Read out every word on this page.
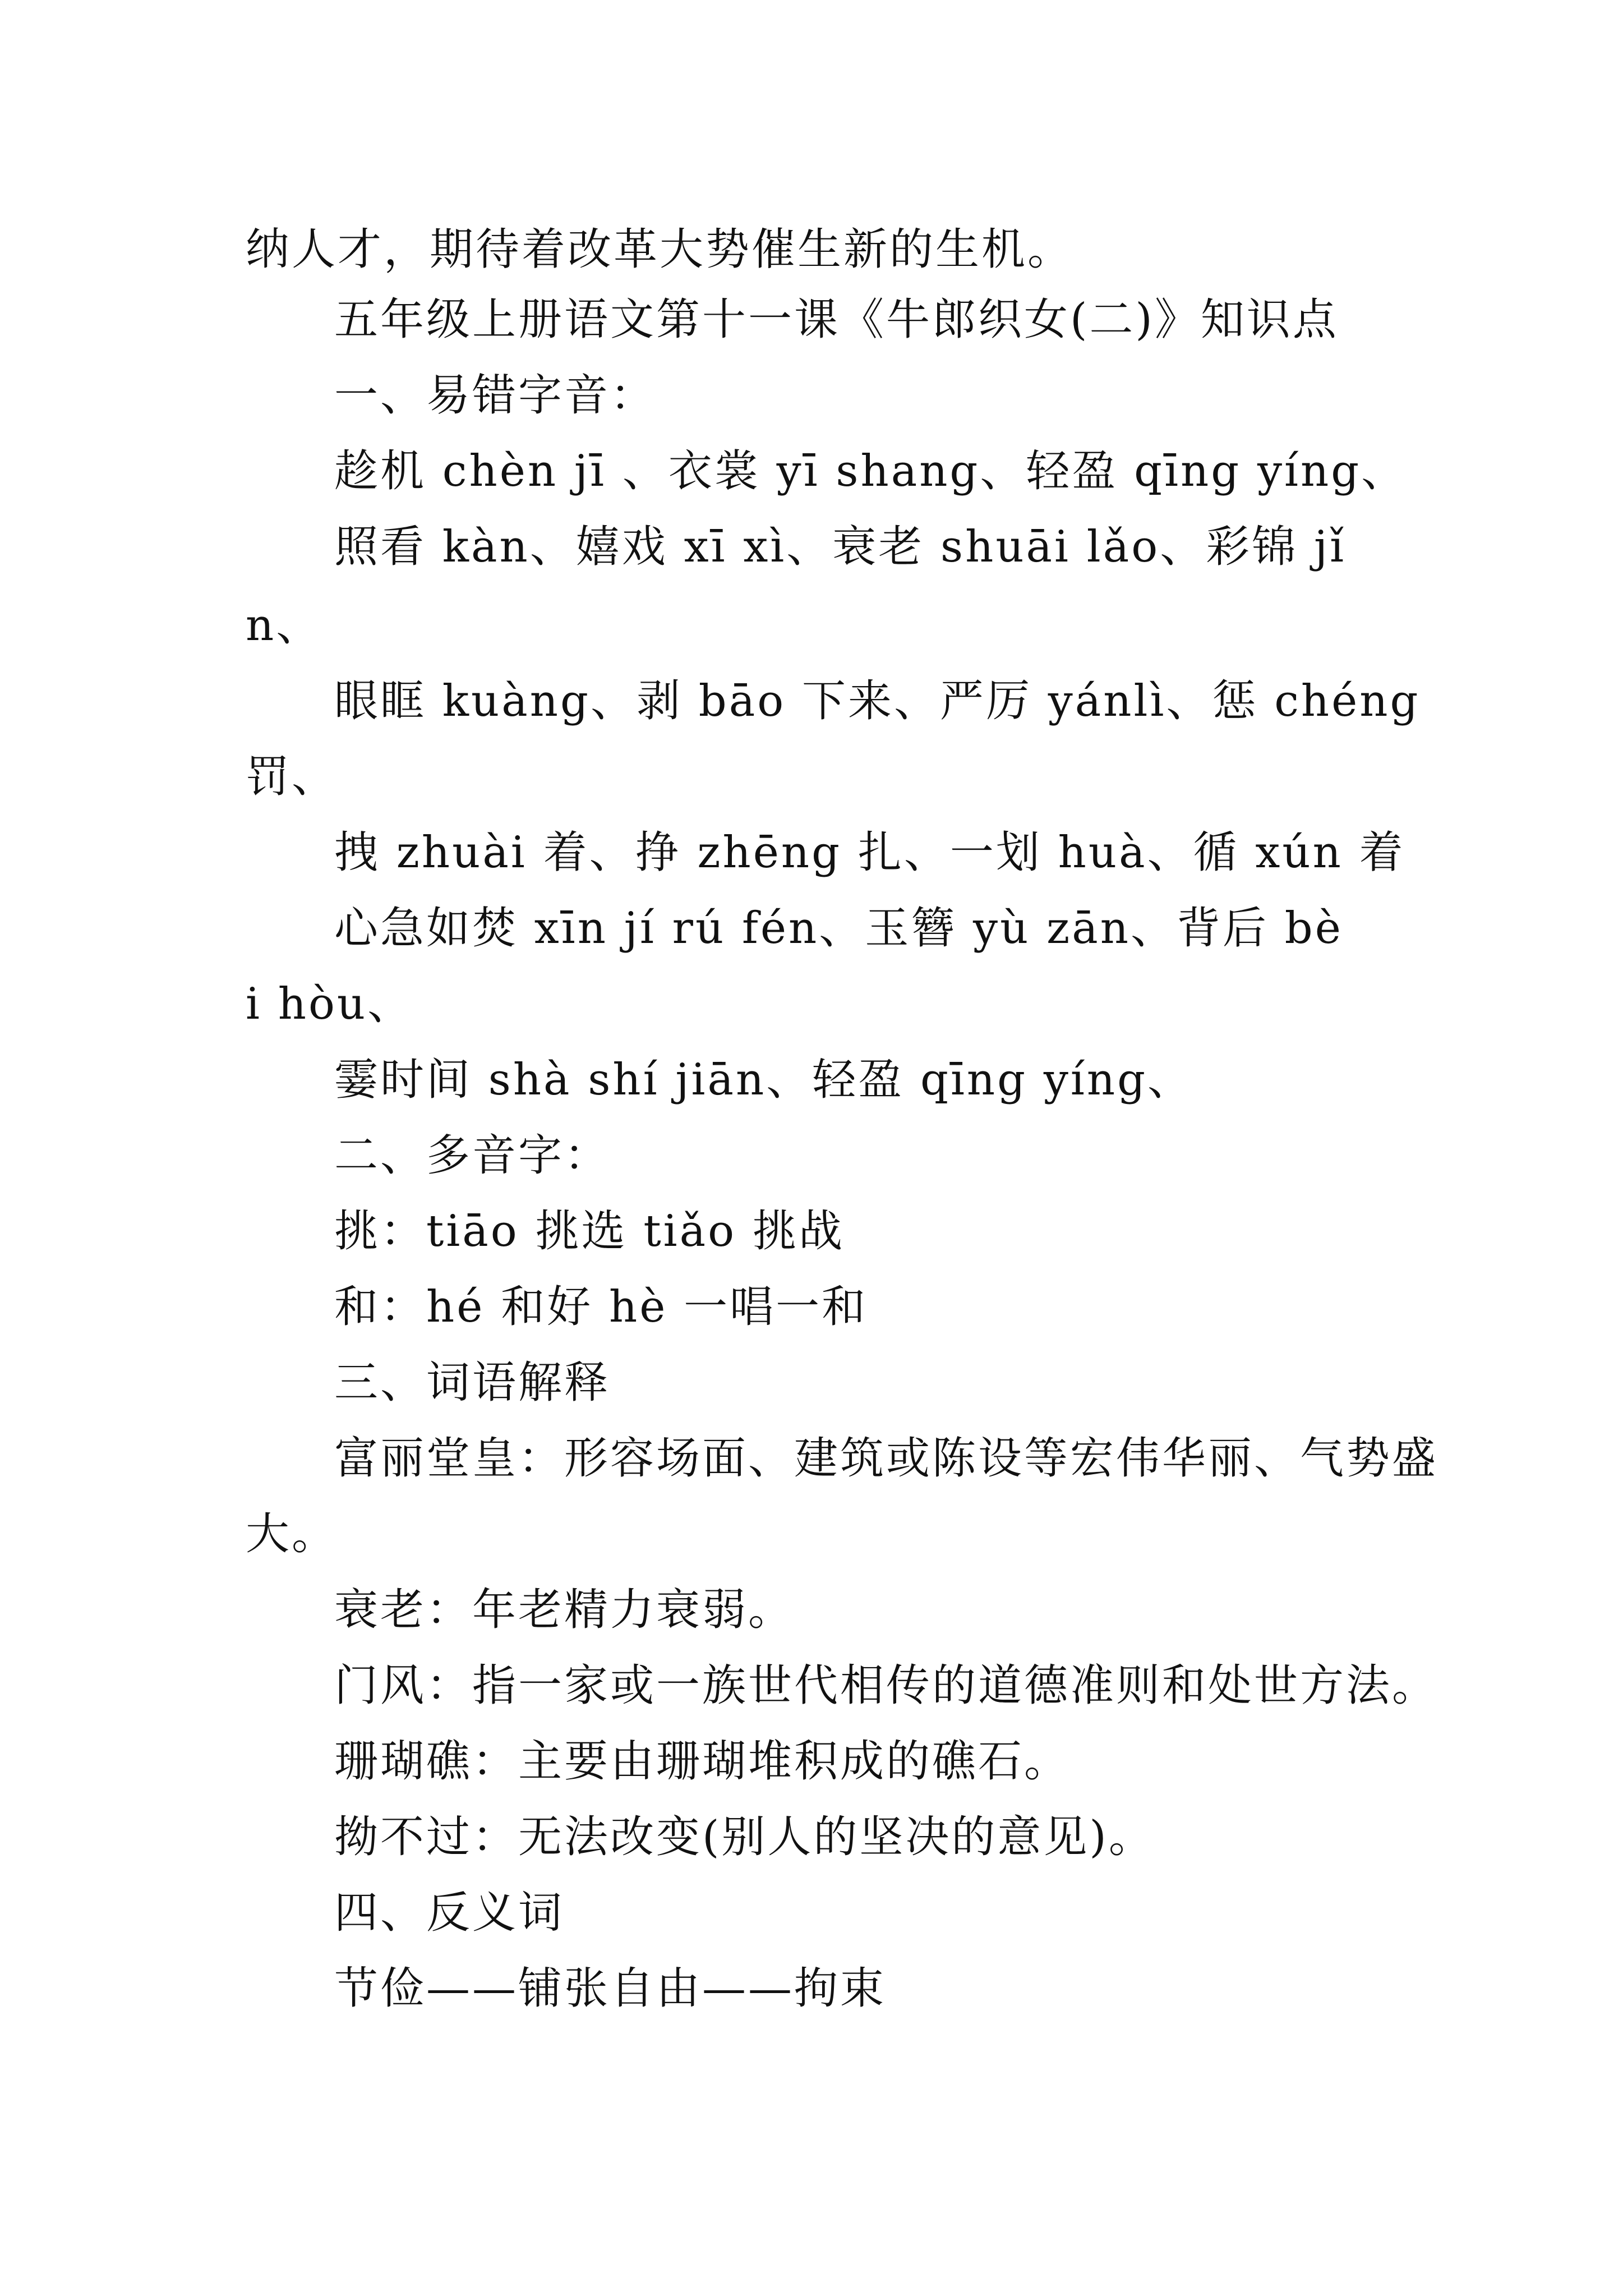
纳人才，期待着改革大势催生新的生机。
五年级上册语文第十一课《牛郎织女(二)》知识点
一、易错字音：
趁机 chèn jī 、衣裳 yī shang、轻盈 qīng yíng、
照看 kàn、嬉戏 xī xì、衰老 shuāi lǎo、彩锦 jǐ
n、
眼眶 kuàng、剥 bāo 下来、严厉 yánlì、惩 chéng
罚、
拽 zhuài 着、挣 zhēng 扎、一划 huà、循 xún 着
心急如焚 xīn jí rú fén、玉簪 yù zān、背后 bè
i hòu、
霎时间 shà shí jiān、轻盈 qīng yíng、
二、多音字：
挑：tiāo 挑选 tiǎo 挑战
和：hé 和好 hè 一唱一和
三、词语解释
富丽堂皇：形容场面、建筑或陈设等宏伟华丽、气势盛
大。
衰老：年老精力衰弱。
门风：指一家或一族世代相传的道德准则和处世方法。
珊瑚礁：主要由珊瑚堆积成的礁石。
拗不过：无法改变(别人的坚决的意见)。
四、反义词
节俭——铺张自由——拘束
